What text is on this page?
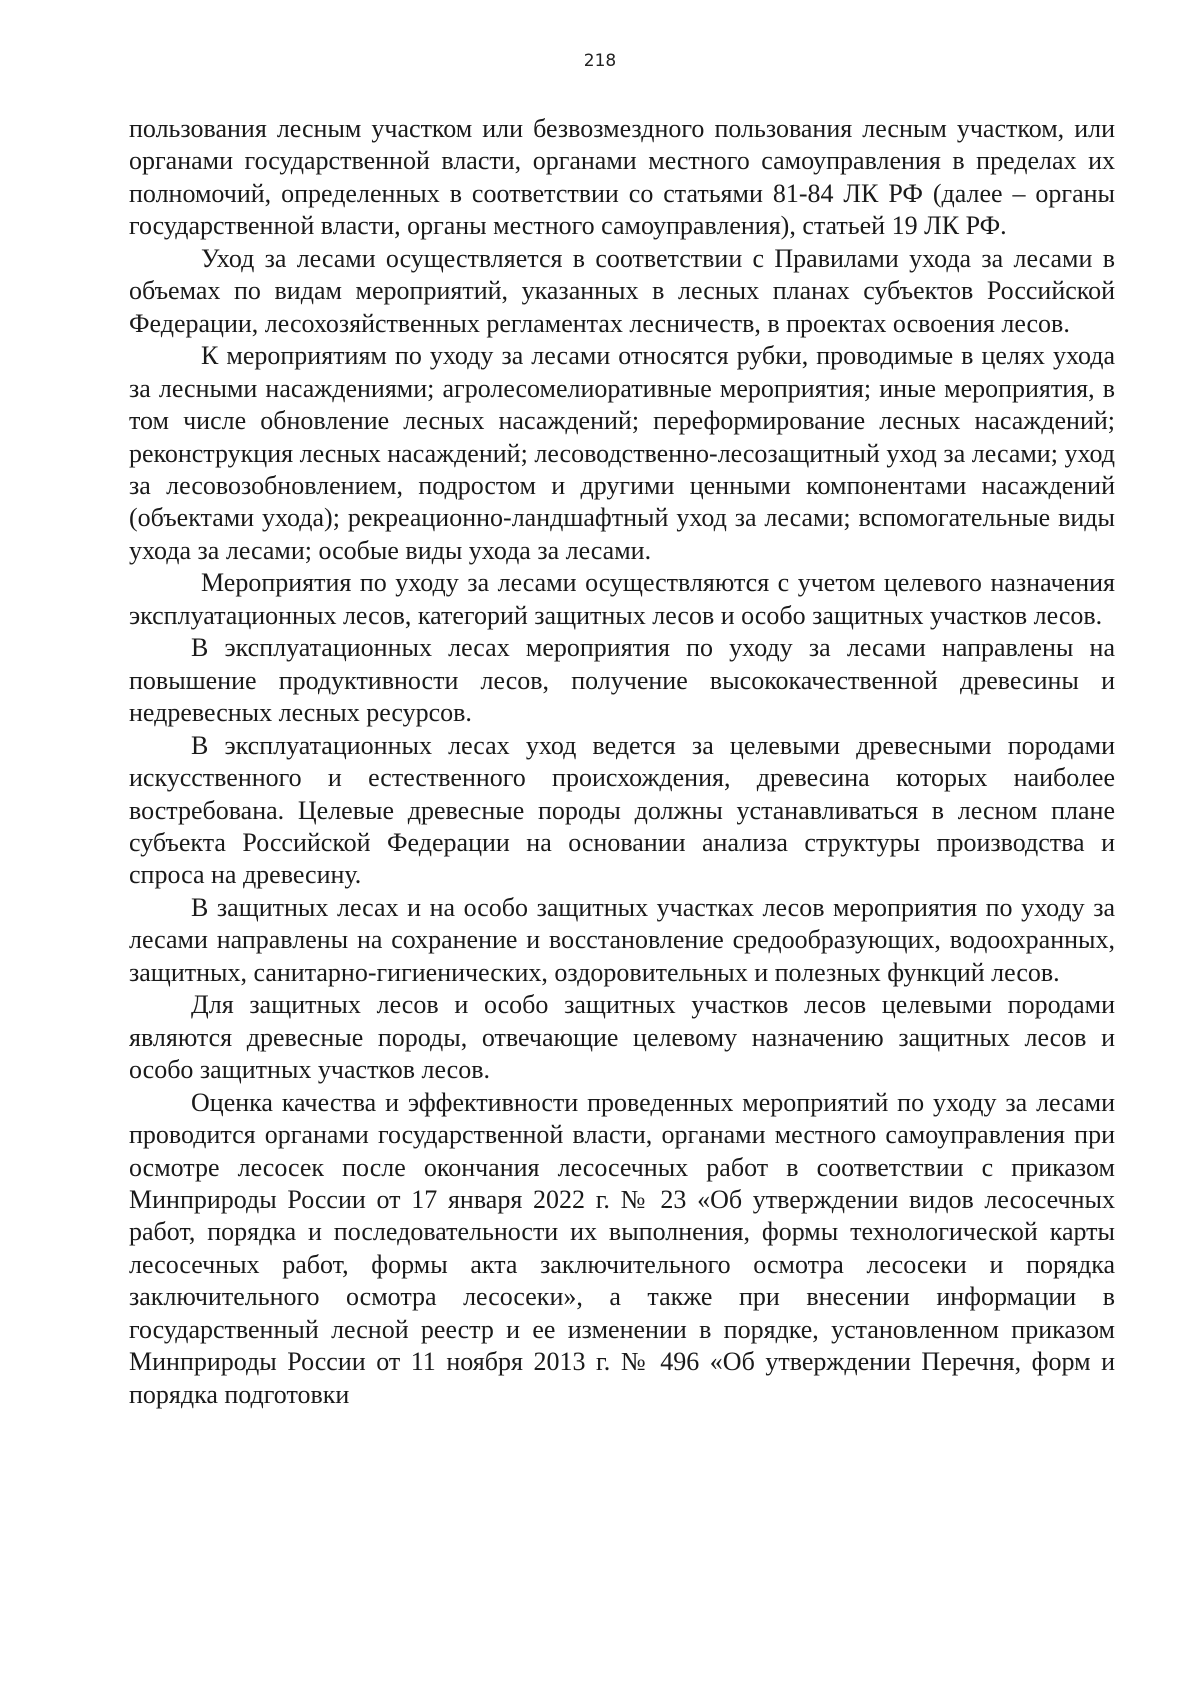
218

пользования лесным участком или безвозмездного пользования лесным участком, или органами государственной власти, органами местного самоуправления в пределах их полномочий, определенных в соответствии со статьями 81-84 ЛК РФ (далее – органы государственной власти, органы местного самоуправления), статьей 19 ЛК РФ.

Уход за лесами осуществляется в соответствии с Правилами ухода за лесами в объемах по видам мероприятий, указанных в лесных планах субъектов Российской Федерации, лесохозяйственных регламентах лесничеств, в проектах освоения лесов.

К мероприятиям по уходу за лесами относятся рубки, проводимые в целях ухода за лесными насаждениями; агролесомелиоративные мероприятия; иные мероприятия, в том числе обновление лесных насаждений; переформирование лесных насаждений; реконструкция лесных насаждений; лесоводственно-лесозащитный уход за лесами; уход за лесовозобновлением, подростом и другими ценными компонентами насаждений (объектами ухода); рекреационно-ландшафтный уход за лесами; вспомогательные виды ухода за лесами; особые виды ухода за лесами.

Мероприятия по уходу за лесами осуществляются с учетом целевого назначения эксплуатационных лесов, категорий защитных лесов и особо защитных участков лесов.

В эксплуатационных лесах мероприятия по уходу за лесами направлены на повышение продуктивности лесов, получение высококачественной древесины и недревесных лесных ресурсов.

В эксплуатационных лесах уход ведется за целевыми древесными породами искусственного и естественного происхождения, древесина которых наиболее востребована. Целевые древесные породы должны устанавливаться в лесном плане субъекта Российской Федерации на основании анализа структуры производства и спроса на древесину.

В защитных лесах и на особо защитных участках лесов мероприятия по уходу за лесами направлены на сохранение и восстановление средообразующих, водоохранных, защитных, санитарно-гигиенических, оздоровительных и полезных функций лесов.

Для защитных лесов и особо защитных участков лесов целевыми породами являются древесные породы, отвечающие целевому назначению защитных лесов и особо защитных участков лесов.

Оценка качества и эффективности проведенных мероприятий по уходу за лесами проводится органами государственной власти, органами местного самоуправления при осмотре лесосек после окончания лесосечных работ в соответствии с приказом Минприроды России от 17 января 2022 г. № 23 «Об утверждении видов лесосечных работ, порядка и последовательности их выполнения, формы технологической карты лесосечных работ, формы акта заключительного осмотра лесосеки и порядка заключительного осмотра лесосеки», а также при внесении информации в государственный лесной реестр и ее изменении в порядке, установленном приказом Минприроды России от 11 ноября 2013 г. № 496 «Об утверждении Перечня, форм и порядка подготовки
